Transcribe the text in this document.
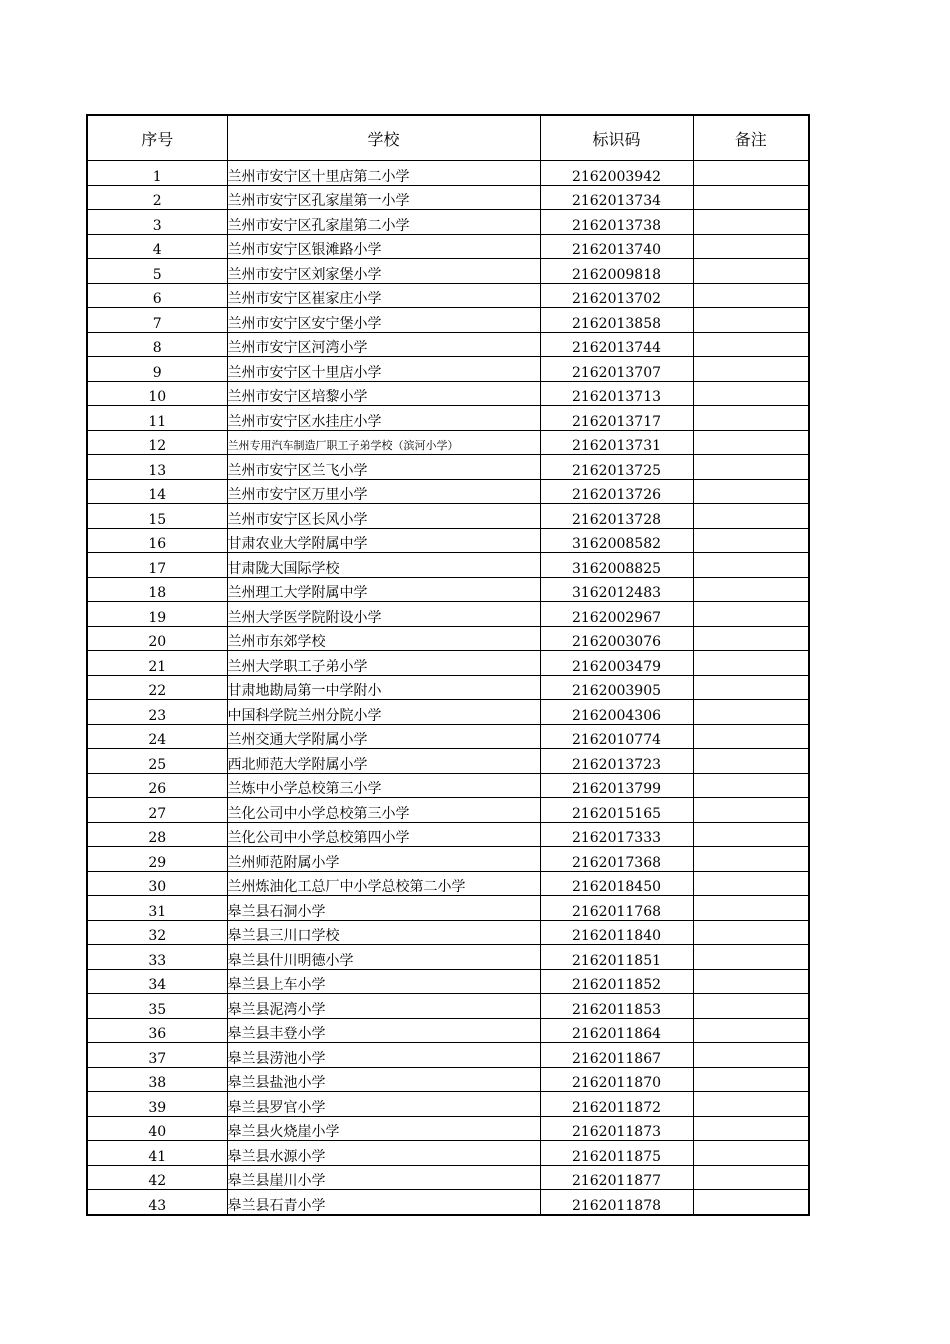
序号	学校	标识码	备注
1	兰州市安宁区十里店第二小学	2162003942	
2	兰州市安宁区孔家崖第一小学	2162013734	
3	兰州市安宁区孔家崖第二小学	2162013738	
4	兰州市安宁区银滩路小学	2162013740	
5	兰州市安宁区刘家堡小学	2162009818	
6	兰州市安宁区崔家庄小学	2162013702	
7	兰州市安宁区安宁堡小学	2162013858	
8	兰州市安宁区河湾小学	2162013744	
9	兰州市安宁区十里店小学	2162013707	
10	兰州市安宁区培黎小学	2162013713	
11	兰州市安宁区水挂庄小学	2162013717	
12	兰州专用汽车制造厂职工子弟学校（滨河小学）	2162013731	
13	兰州市安宁区兰飞小学	2162013725	
14	兰州市安宁区万里小学	2162013726	
15	兰州市安宁区长风小学	2162013728	
16	甘肃农业大学附属中学	3162008582	
17	甘肃陇大国际学校	3162008825	
18	兰州理工大学附属中学	3162012483	
19	兰州大学医学院附设小学	2162002967	
20	兰州市东郊学校	2162003076	
21	兰州大学职工子弟小学	2162003479	
22	甘肃地勘局第一中学附小	2162003905	
23	中国科学院兰州分院小学	2162004306	
24	兰州交通大学附属小学	2162010774	
25	西北师范大学附属小学	2162013723	
26	兰炼中小学总校第三小学	2162013799	
27	兰化公司中小学总校第三小学	2162015165	
28	兰化公司中小学总校第四小学	2162017333	
29	兰州师范附属小学	2162017368	
30	兰州炼油化工总厂中小学总校第二小学	2162018450	
31	皋兰县石洞小学	2162011768	
32	皋兰县三川口学校	2162011840	
33	皋兰县什川明德小学	2162011851	
34	皋兰县上车小学	2162011852	
35	皋兰县泥湾小学	2162011853	
36	皋兰县丰登小学	2162011864	
37	皋兰县涝池小学	2162011867	
38	皋兰县盐池小学	2162011870	
39	皋兰县罗官小学	2162011872	
40	皋兰县火烧崖小学	2162011873	
41	皋兰县水源小学	2162011875	
42	皋兰县崖川小学	2162011877	
43	皋兰县石青小学	2162011878	
